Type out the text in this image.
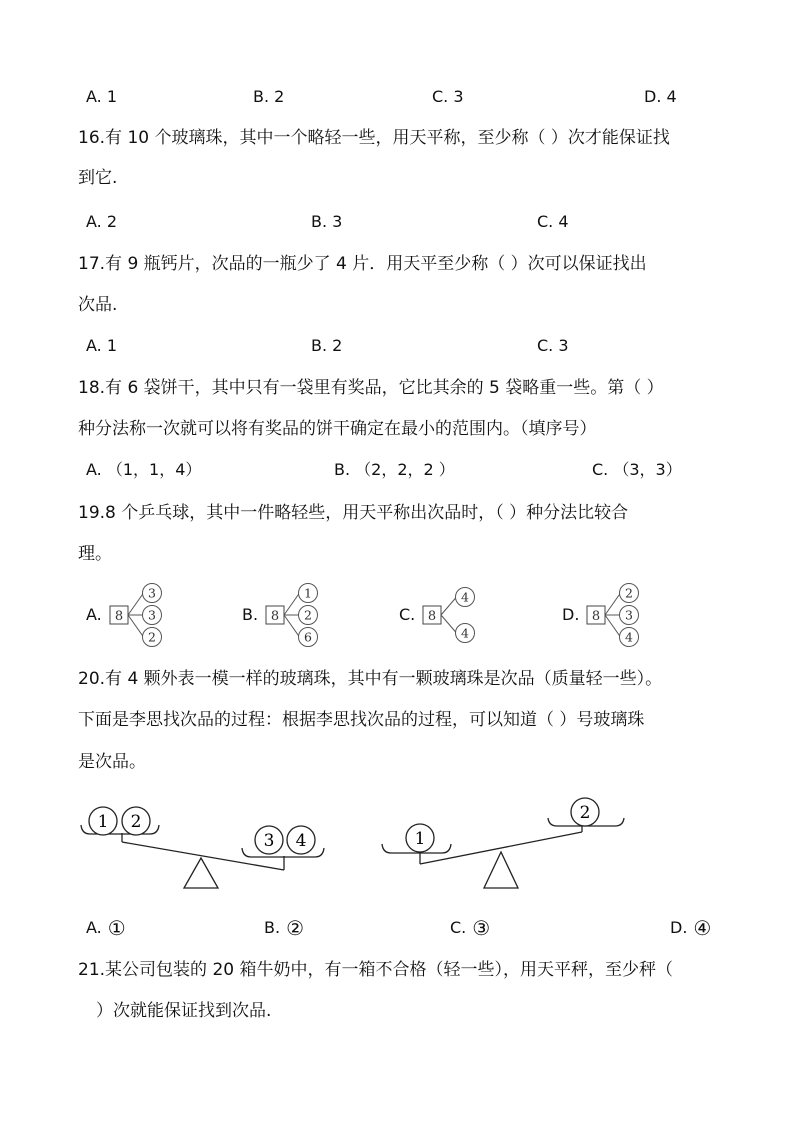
A. 1	B. 2	C. 3	D. 4
16.有 10 个玻璃珠，其中一个略轻一些，用天平称，至少称（ ）次才能保证找
到它.
A. 2	B. 3	C. 4
17.有 9 瓶钙片，次品的一瓶少了 4 片．用天平至少称（ ）次可以保证找出
次品.
A. 1	B. 2	C. 3
18.有 6 袋饼干，其中只有一袋里有奖品，它比其余的 5 袋略重一些。第（ ）
种分法称一次就可以将有奖品的饼干确定在最小的范围内。（填序号）
A. （1，1，4）	B. （2，2，2 ）	C. （3，3）
19.8 个乒乓球，其中一件略轻些，用天平称出次品时，（ ）种分法比较合
理。
A. 8
3
3
2
B. 8
1
2
6
C. 8
4
4
D. 8
2
3
4
20.有 4 颗外表一模一样的玻璃珠，其中有一颗玻璃珠是次品（质量轻一些）。
下面是李思找次品的过程：根据李思找次品的过程，可以知道（ ）号玻璃珠
是次品。
1 2
3 4	1
2
A. ①	B. ②	C. ③	D. ④
21.某公司包装的 20 箱牛奶中，有一箱不合格（轻一些），用天平秤，至少秤（
）次就能保证找到次品.
